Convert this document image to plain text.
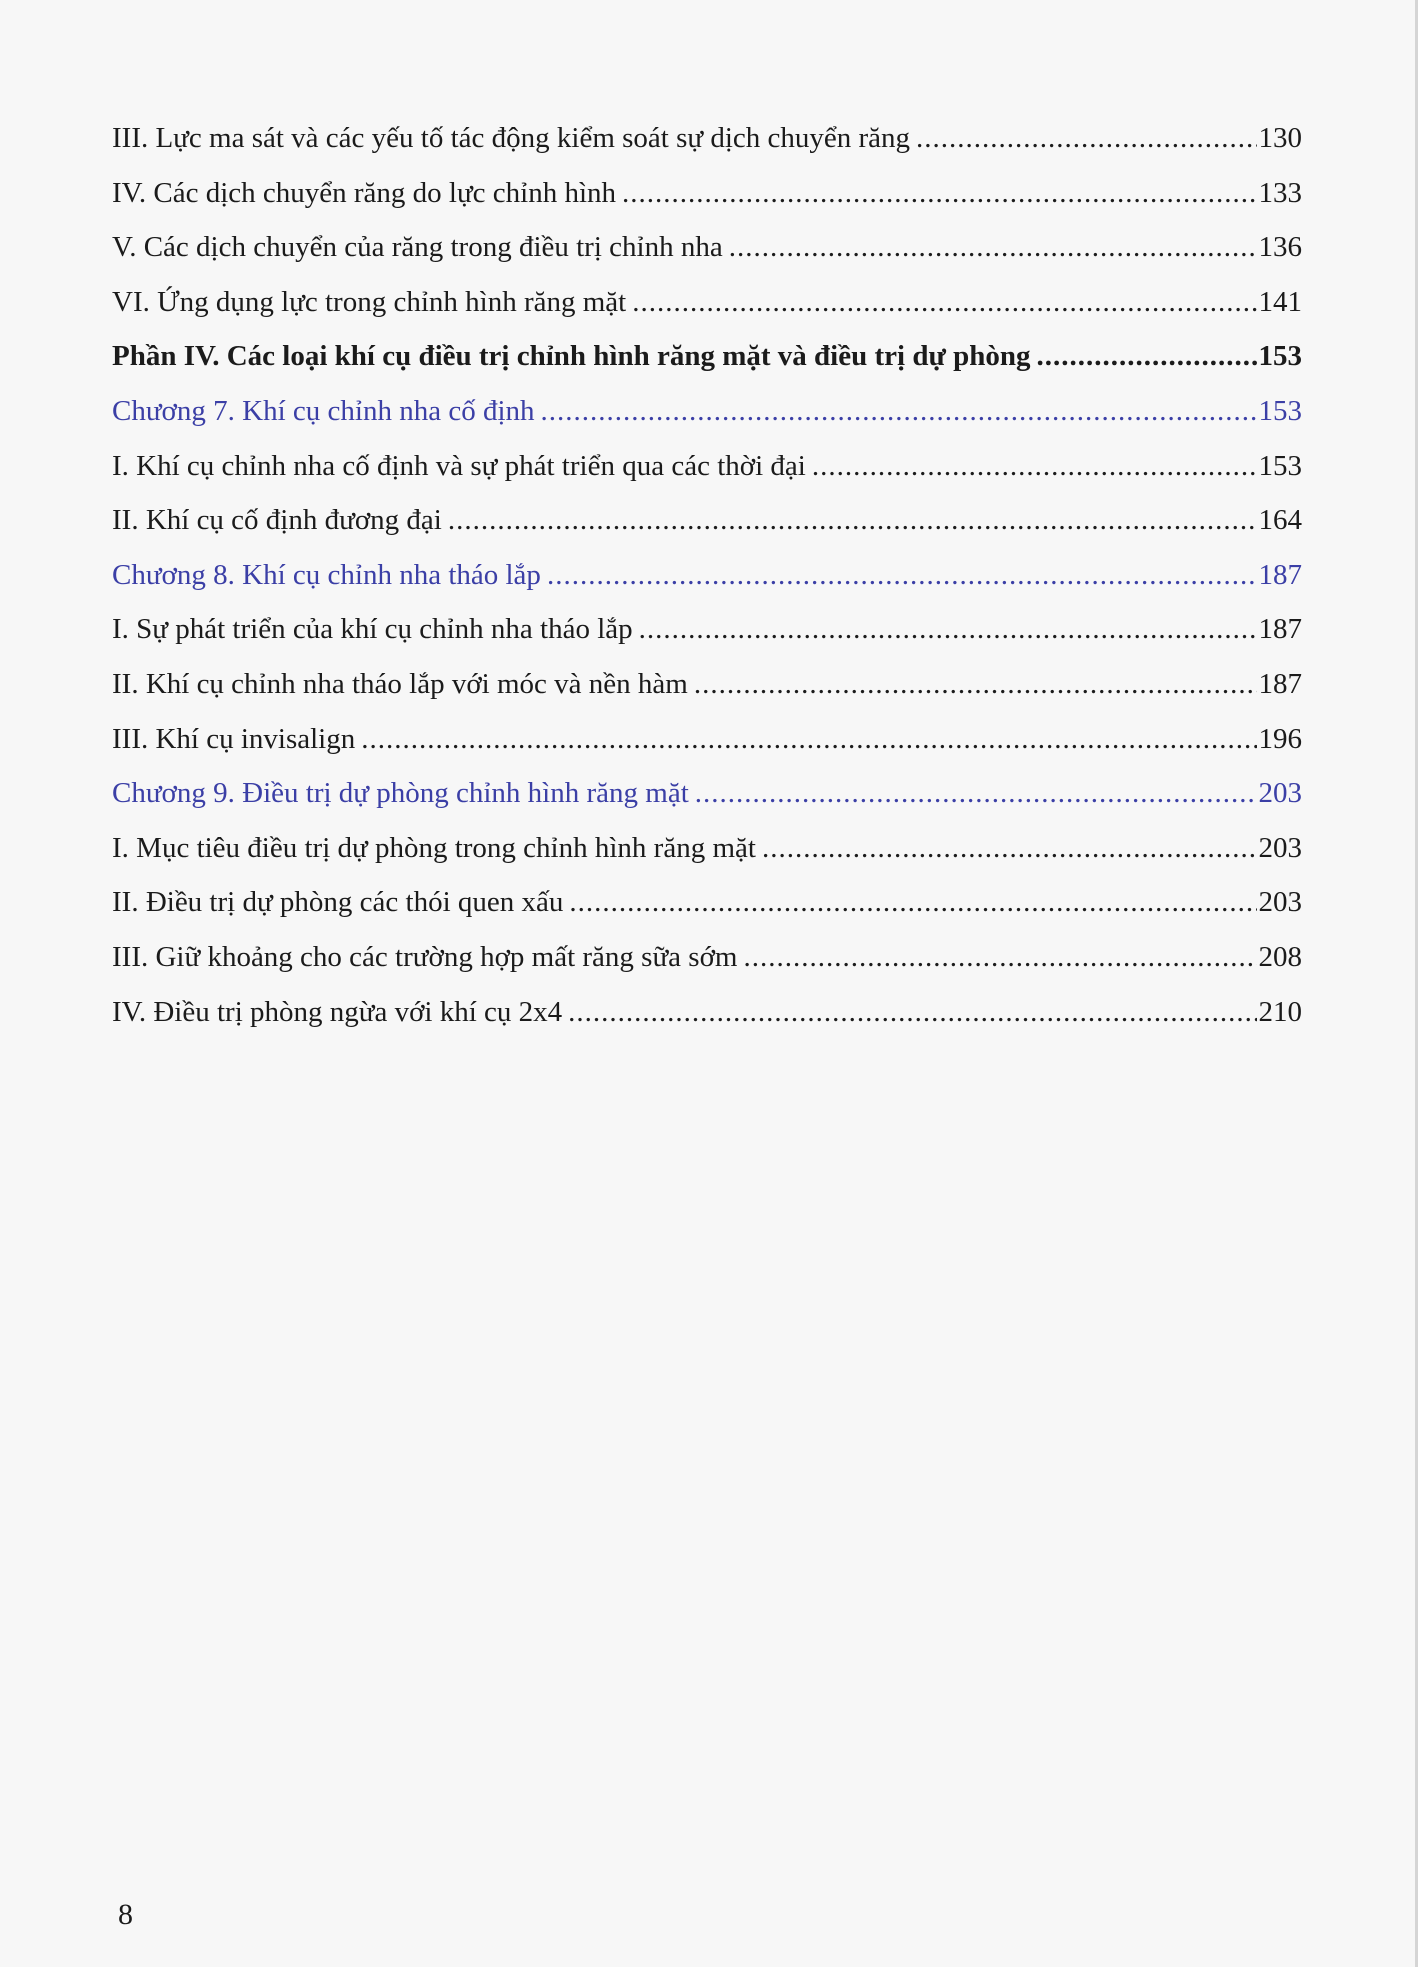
III. Lực ma sát và các yếu tố tác động kiểm soát sự dịch chuyển răng .....	130
IV. Các dịch chuyển răng do lực chỉnh hình .....	133
V. Các dịch chuyển của răng trong điều trị chỉnh nha .....	136
VI. Ứng dụng lực trong chỉnh hình răng mặt .....	141
Phần IV. Các loại khí cụ điều trị chỉnh hình răng mặt và điều trị dự phòng .....	153
Chương 7. Khí cụ chỉnh nha cố định .....	153
I. Khí cụ chỉnh nha cố định và sự phát triển qua các thời đại .....	153
II. Khí cụ cố định đương đại .....	164
Chương 8. Khí cụ chỉnh nha tháo lắp .....	187
I. Sự phát triển của khí cụ chỉnh nha tháo lắp .....	187
II. Khí cụ chỉnh nha tháo lắp với móc và nền hàm .....	187
III. Khí cụ invisalign .....	196
Chương 9. Điều trị dự phòng chỉnh hình răng mặt .....	203
I. Mục tiêu điều trị dự phòng trong chỉnh hình răng mặt .....	203
II. Điều trị dự phòng các thói quen xấu .....	203
III. Giữ khoảng cho các trường hợp mất răng sữa sớm .....	208
IV. Điều trị phòng ngừa với khí cụ 2x4 .....	210
8
